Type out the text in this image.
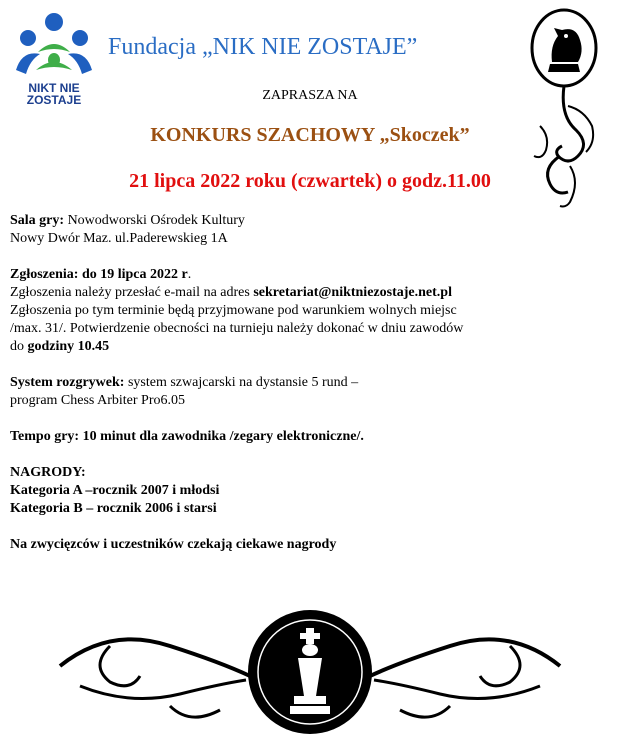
NIKT NIE
ZOSTAJE
Fundacja „NIK NIE ZOSTAJE”
ZAPRASZA NA
KONKURS SZACHOWY „Skoczek”
21 lipca 2022 roku (czwartek) o godz.11.00
Sala gry: Nowodworski Ośrodek Kultury
Nowy Dwór Maz. ul.Paderewskieg 1A
Zgłoszenia: do 19 lipca 2022 r.
Zgłoszenia należy przesłać e-mail na adres sekretariat@niktniezostaje.net.pl
Zgłoszenia po tym terminie będą przyjmowane pod warunkiem wolnych miejsc
/max. 31/. Potwierdzenie obecności na turnieju należy dokonać w dniu zawodów
do godziny 10.45
System rozgrywek: system szwajcarski na dystansie 5 rund –
program Chess Arbiter Pro6.05
Tempo gry: 10 minut dla zawodnika /zegary elektroniczne/.
NAGRODY:
Kategoria A –rocznik 2007 i młodsi
Kategoria B – rocznik 2006 i starsi
Na zwycięzców i uczestników czekają ciekawe nagrody
